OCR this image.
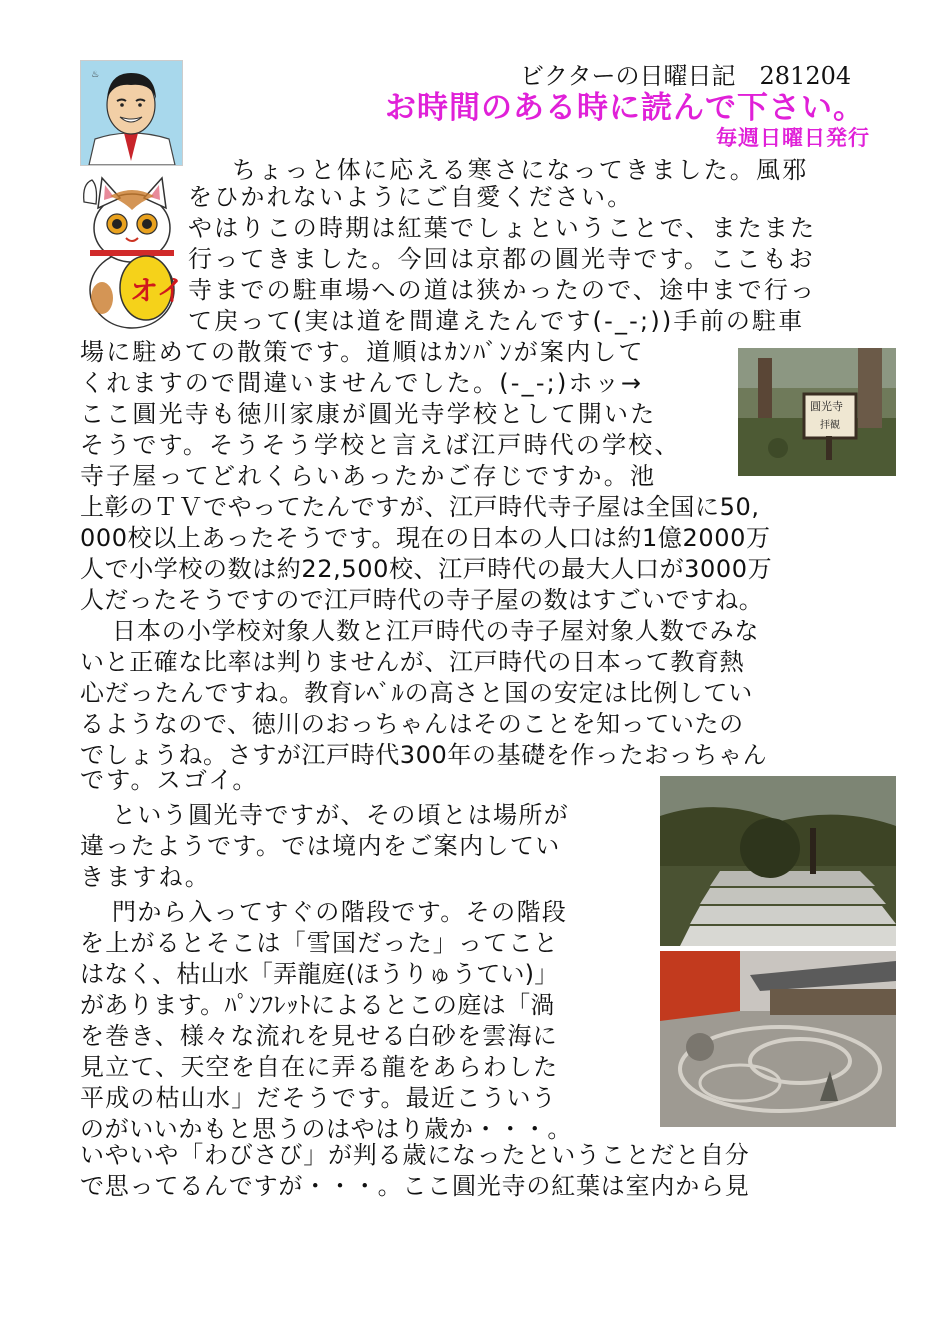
ビクターの日曜日記　281204
お時間のある時に読んで下さい。
毎週日曜日発行
♨
オイ
圓光寺
拝観
ちょっと体に応える寒さになってきました。風邪
をひかれないようにご自愛ください。
やはりこの時期は紅葉でしょということで、またまた
行ってきました。今回は京都の圓光寺です。ここもお
寺までの駐車場への道は狭かったので、途中まで行っ
て戻って(実は道を間違えたんです(-_-;))手前の駐車
場に駐めての散策です。道順はｶﾝﾊﾞﾝが案内して
くれますので間違いませんでした。(-_-;)ホッ→
ここ圓光寺も徳川家康が圓光寺学校として開いた
そうです。そうそう学校と言えば江戸時代の学校、
寺子屋ってどれくらいあったかご存じですか。池
上彰のＴＶでやってたんですが、江戸時代寺子屋は全国に50,
000校以上あったそうです。現在の日本の人口は約1億2000万
人で小学校の数は約22,500校、江戸時代の最大人口が3000万
人だったそうですので江戸時代の寺子屋の数はすごいですね。
日本の小学校対象人数と江戸時代の寺子屋対象人数でみな
いと正確な比率は判りませんが、江戸時代の日本って教育熱
心だったんですね。教育ﾚﾍﾞﾙの高さと国の安定は比例してい
るようなので、徳川のおっちゃんはそのことを知っていたの
でしょうね。さすが江戸時代300年の基礎を作ったおっちゃん
です。スゴイ。
という圓光寺ですが、その頃とは場所が
違ったようです。では境内をご案内してい
きますね。
門から入ってすぐの階段です。その階段
を上がるとそこは「雪国だった」ってこと
はなく、枯山水「弄龍庭(ほうりゅうてい)」
があります。ﾊﾟﾝﾌﾚｯﾄによるとこの庭は「渦
を巻き、様々な流れを見せる白砂を雲海に
見立て、天空を自在に弄る龍をあらわした
平成の枯山水」だそうです。最近こういう
のがいいかもと思うのはやはり歳か・・・。
いやいや「わびさび」が判る歳になったということだと自分
で思ってるんですが・・・。ここ圓光寺の紅葉は室内から見
